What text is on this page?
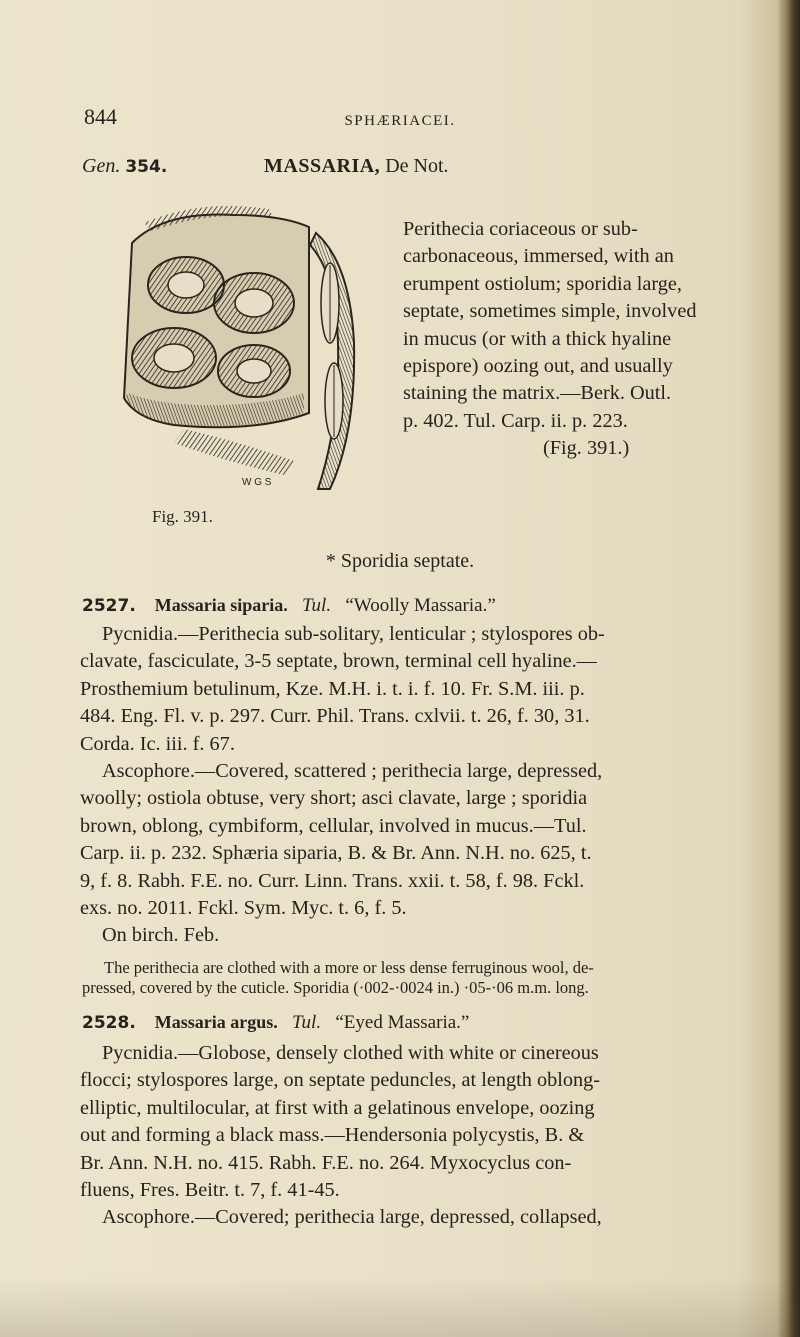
844	SPHÆRIACEI.
Gen. 354.	MASSARIA, De Not.
W G S
Fig. 391.
Perithecia coriaceous or sub-
carbonaceous, immersed, with an
erumpent ostiolum; sporidia large,
septate, sometimes simple, involved
in mucus (or with a thick hyaline
epispore) oozing out, and usually
staining the matrix.—Berk. Outl.
p. 402. Tul. Carp. ii. p. 223.
(Fig. 391.)
* Sporidia septate.
2527. Massaria siparia. Tul. “Woolly Massaria.”
Pycnidia.—Perithecia sub-solitary, lenticular ; stylospores ob-
clavate, fasciculate, 3-5 septate, brown, terminal cell hyaline.—
Prosthemium betulinum, Kze. M.H. i. t. i. f. 10. Fr. S.M. iii. p.
484. Eng. Fl. v. p. 297. Curr. Phil. Trans. cxlvii. t. 26, f. 30, 31.
Corda. Ic. iii. f. 67.
Ascophore.—Covered, scattered ; perithecia large, depressed,
woolly; ostiola obtuse, very short; asci clavate, large ; sporidia
brown, oblong, cymbiform, cellular, involved in mucus.—Tul.
Carp. ii. p. 232. Sphæria siparia, B. & Br. Ann. N.H. no. 625, t.
9, f. 8. Rabh. F.E. no. Curr. Linn. Trans. xxii. t. 58, f. 98. Fckl.
exs. no. 2011. Fckl. Sym. Myc. t. 6, f. 5.
On birch. Feb.
The perithecia are clothed with a more or less dense ferruginous wool, de-
pressed, covered by the cuticle. Sporidia (·002-·0024 in.) ·05-·06 m.m. long.
2528. Massaria argus. Tul. “Eyed Massaria.”
Pycnidia.—Globose, densely clothed with white or cinereous
flocci; stylospores large, on septate peduncles, at length oblong-
elliptic, multilocular, at first with a gelatinous envelope, oozing
out and forming a black mass.—Hendersonia polycystis, B. &
Br. Ann. N.H. no. 415. Rabh. F.E. no. 264. Myxocyclus con-
fluens, Fres. Beitr. t. 7, f. 41-45.
Ascophore.—Covered; perithecia large, depressed, collapsed,
